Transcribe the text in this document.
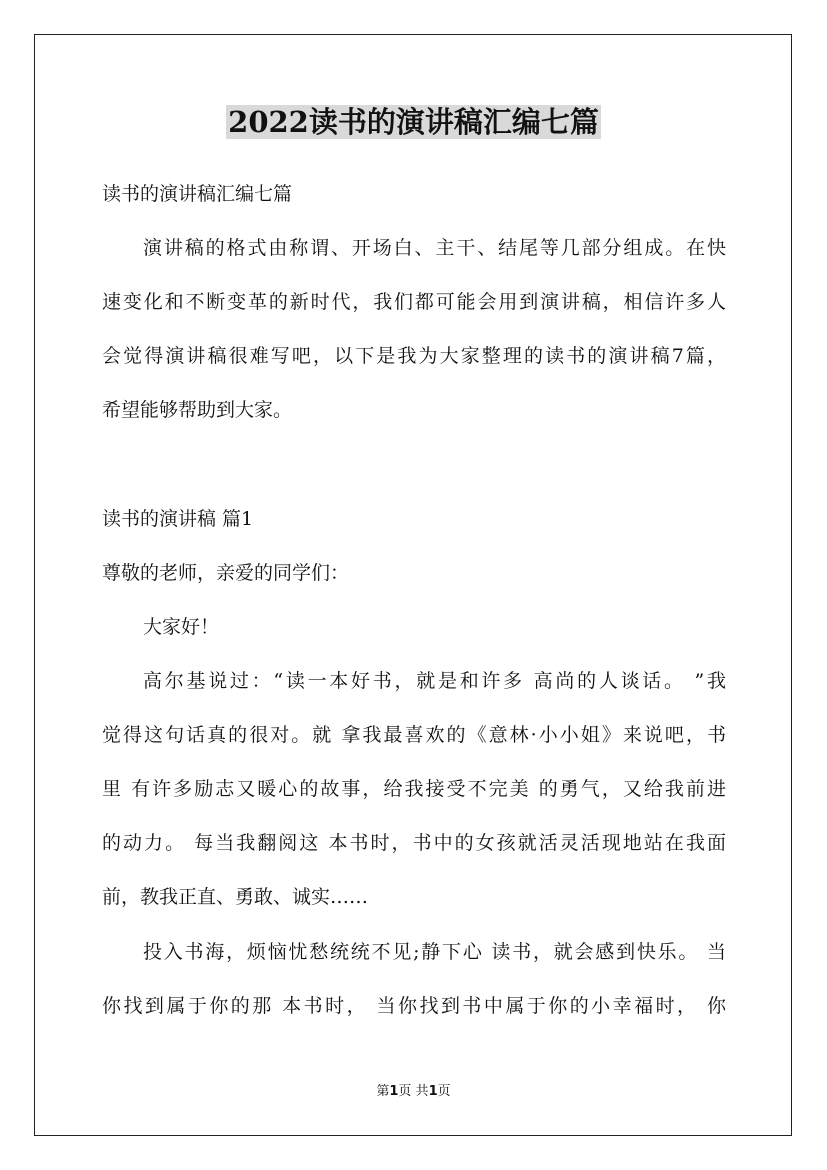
2022读书的演讲稿汇编七篇
读书的演讲稿汇编七篇
演讲稿的格式由称谓、开场白、主干、结尾等几部分组成。在快
速变化和不断变革的新时代，我们都可能会用到演讲稿，相信许多人
会觉得演讲稿很难写吧，以下是我为大家整理的读书的演讲稿7篇，
希望能够帮助到大家。
读书的演讲稿 篇1
尊敬的老师，亲爱的同学们：
大家好！
高尔基说过：“读一本好书，就是和许多 高尚的人谈话。 ”我
觉得这句话真的很对。就 拿我最喜欢的《意林·小小姐》来说吧，书
里 有许多励志又暖心的故事，给我接受不完美 的勇气，又给我前进
的动力。 每当我翻阅这 本书时，书中的女孩就活灵活现地站在我面
前，教我正直、勇敢、诚实……
投入书海，烦恼忧愁统统不见;静下心 读书，就会感到快乐。 当
你找到属于你的那 本书时， 当你找到书中属于你的小幸福时， 你
第1页 共1页
